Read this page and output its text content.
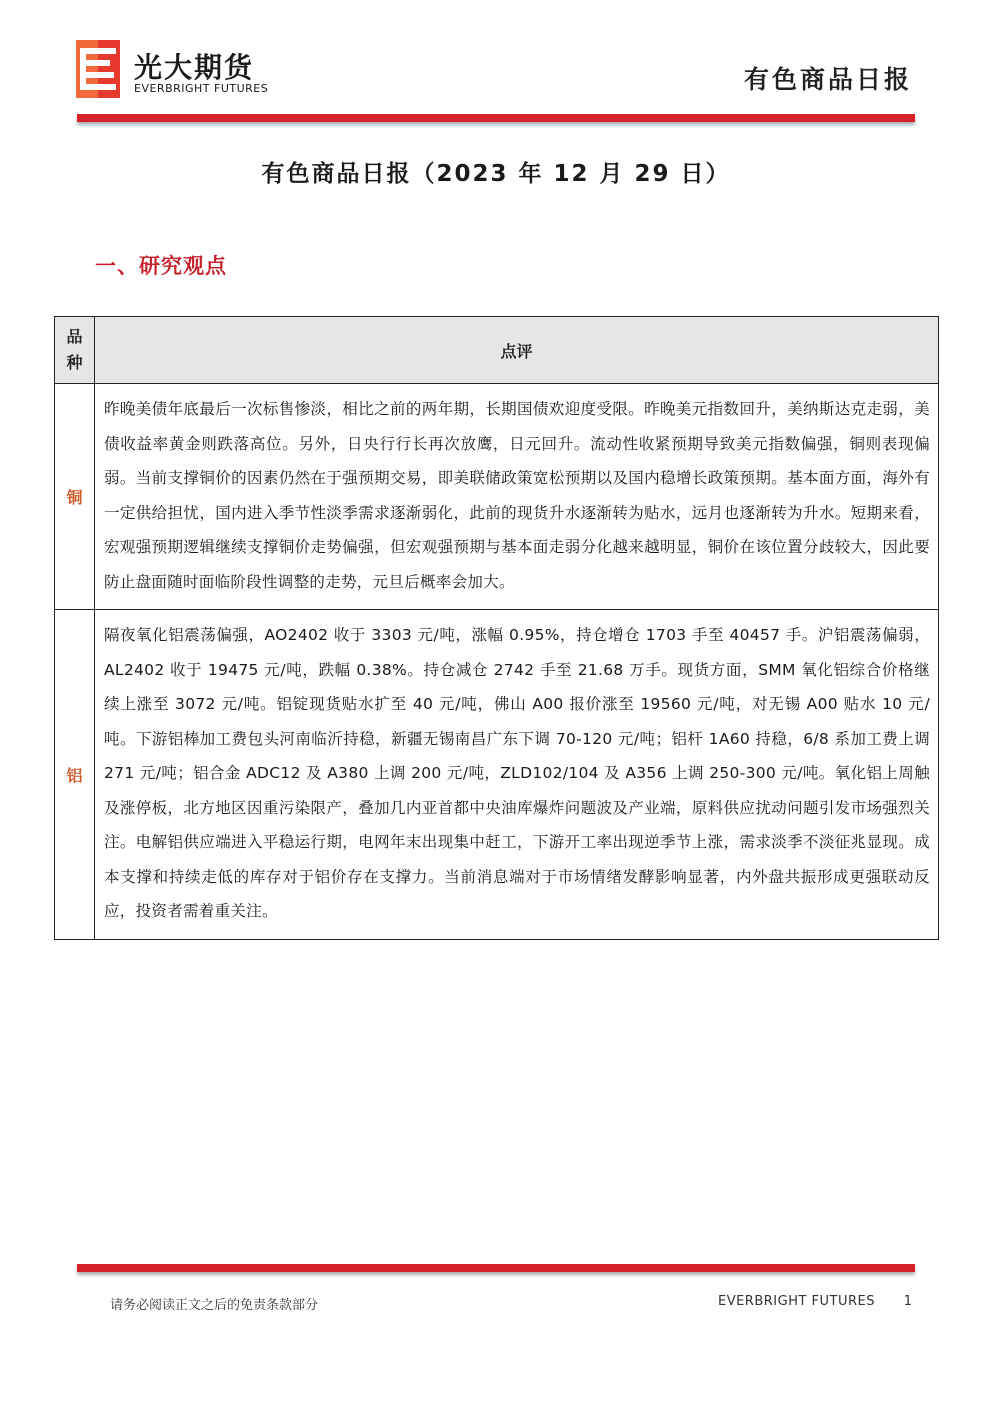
光大期货
EVERBRIGHT FUTURES	有色商品日报
有色商品日报（2023 年 12 月 29 日）
一、研究观点
品种	点评
铜	昨晚美债年底最后一次标售惨淡，相比之前的两年期，长期国债欢迎度受限。昨晚美元指数回升，美纳斯达克走弱，美债收益率黄金则跌落高位。另外，日央行行长再次放鹰，日元回升。流动性收紧预期导致美元指数偏强，铜则表现偏弱。当前支撑铜价的因素仍然在于强预期交易，即美联储政策宽松预期以及国内稳增长政策预期。基本面方面，海外有一定供给担忧，国内进入季节性淡季需求逐渐弱化，此前的现货升水逐渐转为贴水，远月也逐渐转为升水。短期来看，宏观强预期逻辑继续支撑铜价走势偏强，但宏观强预期与基本面走弱分化越来越明显，铜价在该位置分歧较大，因此要防止盘面随时面临阶段性调整的走势，元旦后概率会加大。
铝	隔夜氧化铝震荡偏强，AO2402 收于 3303 元/吨，涨幅 0.95%，持仓增仓 1703 手至 40457 手。沪铝震荡偏弱，AL2402 收于 19475 元/吨，跌幅 0.38%。持仓减仓 2742 手至 21.68 万手。现货方面，SMM 氧化铝综合价格继续上涨至 3072 元/吨。铝锭现货贴水扩至 40 元/吨，佛山 A00 报价涨至 19560 元/吨，对无锡 A00 贴水 10 元/吨。下游铝棒加工费包头河南临沂持稳，新疆无锡南昌广东下调 70-120 元/吨；铝杆 1A60 持稳，6/8 系加工费上调 271 元/吨；铝合金 ADC12 及 A380 上调 200 元/吨，ZLD102/104 及 A356 上调 250-300 元/吨。氧化铝上周触及涨停板，北方地区因重污染限产，叠加几内亚首都中央油库爆炸问题波及产业端，原料供应扰动问题引发市场强烈关注。电解铝供应端进入平稳运行期，电网年末出现集中赶工，下游开工率出现逆季节上涨，需求淡季不淡征兆显现。成本支撑和持续走低的库存对于铝价存在支撑力。当前消息端对于市场情绪发酵影响显著，内外盘共振形成更强联动反应，投资者需着重关注。
请务必阅读正文之后的免责条款部分	EVERBRIGHT FUTURES 1
